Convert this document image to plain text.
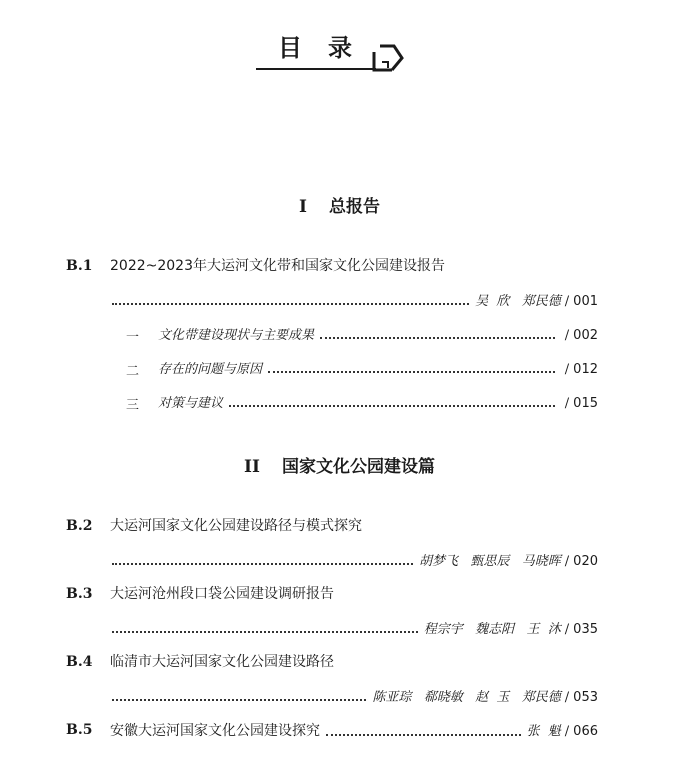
目 录
I 总报告
B.1 2022~2023年大运河文化带和国家文化公园建设报告
吴  欣   郑民德 / 001
一 文化带建设现状与主要成果	/ 002
二 存在的问题与原因	/ 012
三 对策与建议	/ 015
II 国家文化公园建设篇
B.2 大运河国家文化公园建设路径与模式探究
胡梦飞   甄思辰   马晓晖 / 020
B.3 大运河沧州段口袋公园建设调研报告
程宗宇   魏志阳   王  沐 / 035
B.4 临清市大运河国家文化公园建设路径
陈亚琮   郗晓敏   赵  玉   郑民德 / 053
B.5 安徽大运河国家文化公园建设探究	张  魁 / 066
